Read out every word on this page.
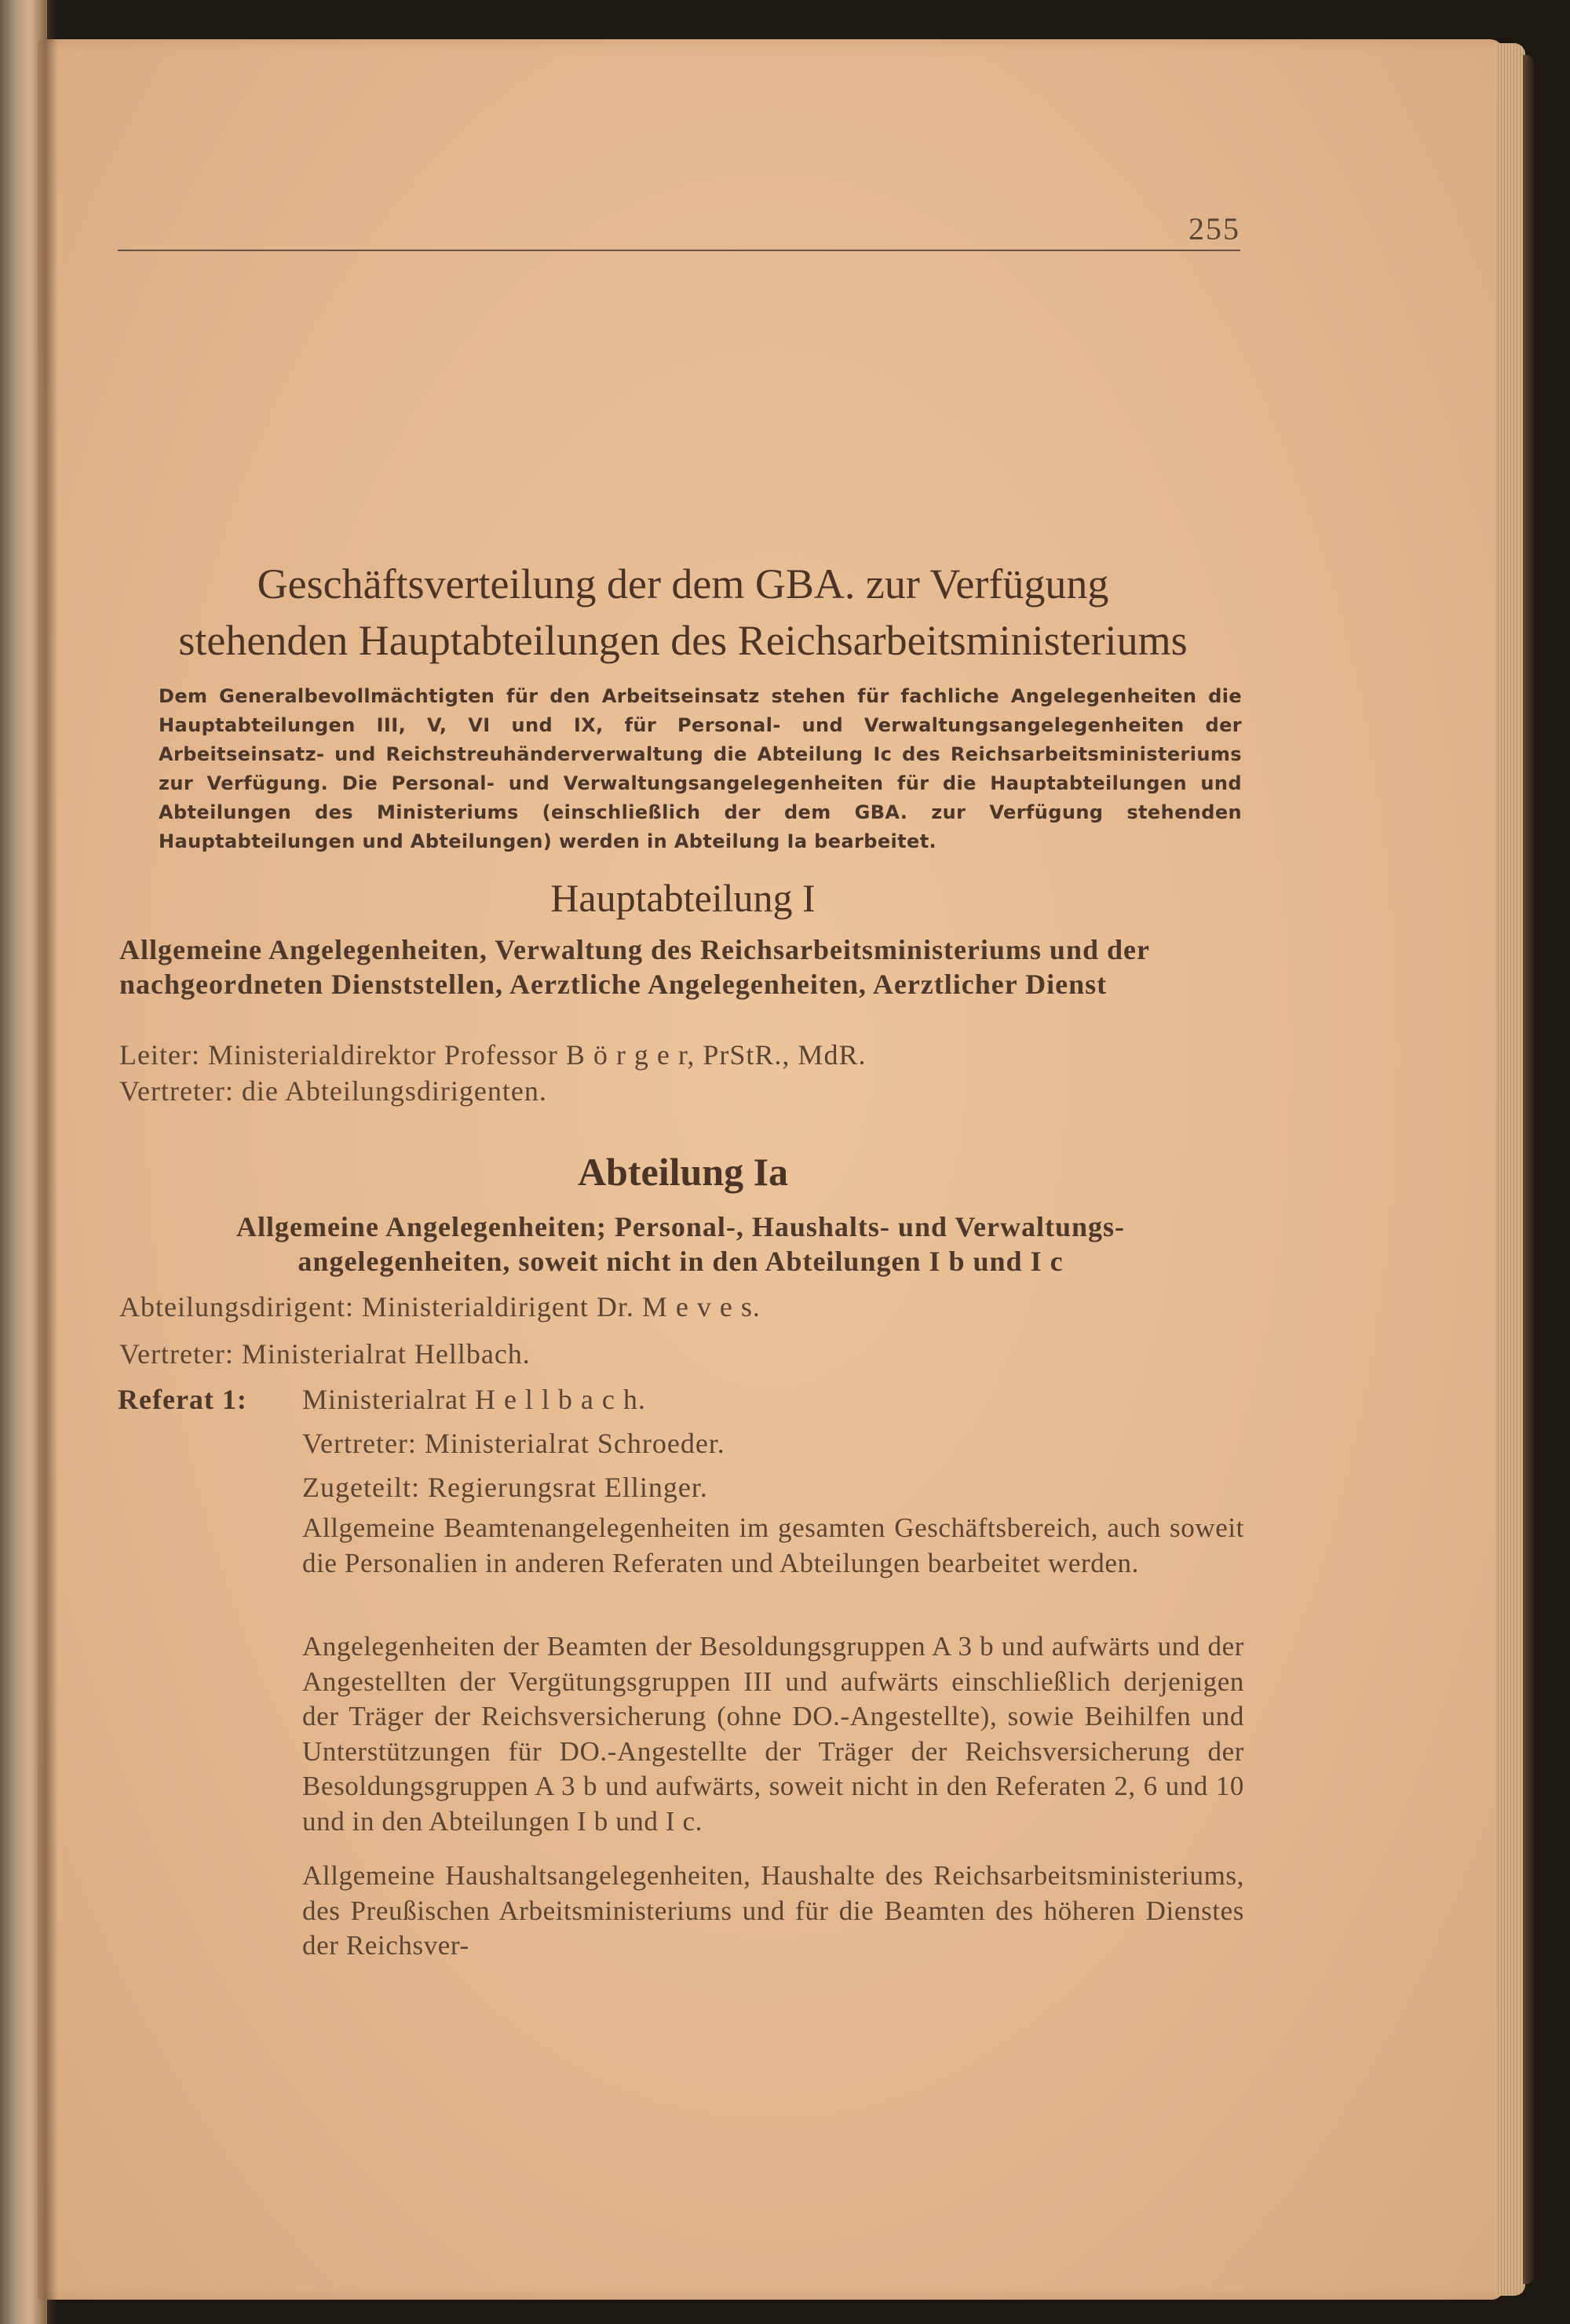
255
Geschäftsverteilung der dem GBA. zur Verfügung
stehenden Hauptabteilungen des Reichsarbeitsministeriums

Dem Generalbevollmächtigten für den Arbeitseinsatz stehen für fachliche Angelegenheiten die Hauptabteilungen III, V, VI und IX, für Personal- und Verwaltungsangelegenheiten der Arbeitseinsatz- und Reichstreuhänderverwaltung die Abteilung Ic des Reichsarbeitsministeriums zur Verfügung. Die Personal- und Verwaltungsangelegenheiten für die Hauptabteilungen und Abteilungen des Ministeriums (einschließlich der dem GBA. zur Verfügung stehenden Hauptabteilungen und Abteilungen) werden in Abteilung Ia bearbeitet.

Hauptabteilung I

Allgemeine Angelegenheiten, Verwaltung des Reichsarbeitsministeriums und der nachgeordneten Dienststellen, Aerztliche Angelegenheiten, Aerztlicher Dienst

Leiter: Ministerialdirektor Professor B ö r g e r, PrStR., MdR.
Vertreter: die Abteilungsdirigenten.
Abteilung Ia

Allgemeine Angelegenheiten; Personal-, Haushalts- und Verwaltungs-
angelegenheiten, soweit nicht in den Abteilungen I b und I c

Abteilungsdirigent: Ministerialdirigent Dr. M e v e s.
Vertreter: Ministerialrat Hellbach.
Referat 1: Ministerialrat H e l l b a c h.
Vertreter: Ministerialrat Schroeder.
Zugeteilt: Regierungsrat Ellinger.

Allgemeine Beamtenangelegenheiten im gesamten Geschäftsbereich, auch soweit die Personalien in anderen Referaten und Abteilungen bearbeitet werden.

Angelegenheiten der Beamten der Besoldungsgruppen A 3 b und aufwärts und der Angestellten der Vergütungsgruppen III und aufwärts einschließlich derjenigen der Träger der Reichsversicherung (ohne DO.-Angestellte), sowie Beihilfen und Unterstützungen für DO.-Angestellte der Träger der Reichsversicherung der Besoldungsgruppen A 3 b und aufwärts, soweit nicht in den Referaten 2, 6 und 10 und in den Abteilungen I b und I c.

Allgemeine Haushaltsangelegenheiten, Haushalte des Reichsarbeitsministeriums, des Preußischen Arbeitsministeriums und für die Beamten des höheren Dienstes der Reichsver-
